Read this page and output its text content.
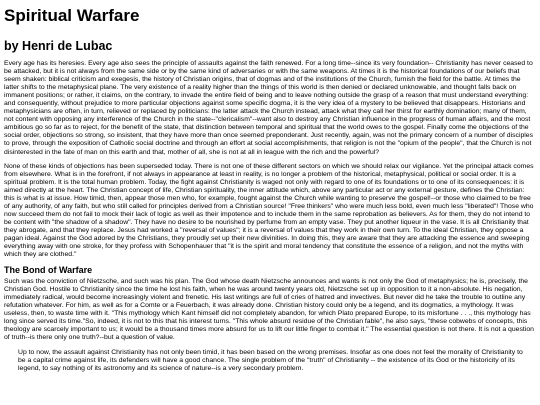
Spiritual Warfare
by Henri de Lubac

Every age has its heresies. Every age also sees the principle of assaults against the faith renewed. For a long time--since its very foundation-- Christianity has never ceased to be attacked, but it is not always from the same side or by the same kind of adversaries or with the same weapons. At times it is the historical foundations of our beliefs that seem shaken: biblical criticism and exegesis, the history of Christian origins, that of dogmas and of the institutions of the Church, furnish the field for the battle. At times the latter shifts to the metaphysical plane. The very existence of a reality higher than the things of this world is then denied or declared unknowable, and thought falls back on immanent positions; or rather, it claims, on the contrary, to invade the entire field of being and to leave nothing outside the grasp of a reason that must understand everything: and consequently, without prejudice to more particular objections against some specific dogma, it is the very idea of a mystery to be believed that disappears. Historians and metaphysicians are often, in turn, relieved or replaced by politicians: the latter attack the Church instead, attack what they call her thirst for earthly domination; many of them, not content with opposing any interference of the Church in the state--"clericalism"--want also to destroy any Christian influence in the progress of human affairs, and the most ambitious go so far as to reject, for the benefit of the state, that distinction between temporal and spiritual that the world owes to the gospel. Finally come the objections of the social order, objections so strong, so insistent, that they have more than once seemed preponderant. Just recently, again, was not the primary concern of a number of disciples to prove, through the exposition of Catholic social doctrine and through an effort at social accomplishments, that religion is not the "opium of the people", that the Church is not disinterested in the fate of man on this earth and that, mother of all, she is not at all in league with the rich and the powerful?

None of these kinds of objections has been superseded today. There is not one of these different sectors on which we should relax our vigilance. Yet the principal attack comes from elsewhere. What is in the forefront, if not always in appearance at least in reality, is no longer a problem of the historical, metaphysical, political or social order. It is a spiritual problem. It is the total human problem. Today, the fight against Christianity is waged not only with regard to one of its foundations or to one of its consequences: it is aimed directly at the heart. The Christian concept of life, Christian spirituality, the inner attitude which, above any particular act or any external gesture, defines the Christian: this is what is at issue. How timid, then, appear those men who, for example, fought against the Church while wanting to preserve the gospel!--or those who claimed to be free of any authority, of any faith, but who still called for principles derived from a Christian source! "Free thinkers" who were much less bold, even much less "liberated"! Those who now succeed them do not fail to mock their lack of logic as well as their impotence and to include them in the same reprobation as believers. As for them, they do not intend to be content with "the shadow of a shadow". They have no desire to be nourished by perfume from an empty vase. They put another liqueur in the vase. It is all Christianity that they abrogate, and that they replace. Jesus had worked a "reversal of values"; it is a reversal of values that they work in their own turn. To the ideal Christian, they oppose a pagan ideal. Against the God adored by the Christians, they proudly set up their new divinities. In doing this, they are aware that they are attacking the essence and sweeping everything away with one stroke, for they profess with Schopenhauer that "it is the spirit and moral tendency that constitute the essence of a religion, and not the myths with which they are clothed."

The Bond of Warfare

Such was the conviction of Nietzsche, and such was his plan. The God whose death Nietzsche announces and wants is not only the God of metaphysics; he is, precisely, the Christian God. Hostile to Christianity since the time he lost his faith, when he was around twenty years old, Nietzsche set up in opposition to it a non-absolute. His negation, immediately radical, would become increasingly violent and frenetic. His last writings are full of cries of hatred and invectives. But never did he take the trouble to outline any refutation whatever. For him, as well as for a Comte or a Feuerbach, it was already done. Christian history could only be a legend, and its dogmatics, a mythology. It was useless, then, to waste time with it. "This mythology which Kant himself did not completely abandon, for which Plato prepared Europe, to its misfortune . . ., this mythology has long since served its time."So, indeed, it is not to this that his interest turns. "This whole absurd residue of the Christian fable", he also says, "these cobwebs of concepts, this theology are scarcely important to us; it would be a thousand times more absurd for us to lift our little finger to combat it." The essential question is not there. It is not a question of truth--is there only one truth?--but a question of value.

Up to now, the assault against Christianity has not only been timid, it has been based on the wrong premises. Insofar as one does not feel the morality of Christianity to be a capital crime against life, its defenders will have a good chance. The single problem of the "truth" of Christianity -- the existence of its God or the historicity of its legend, to say nothing of its astronomy and its science of nature--is a very secondary problem.
